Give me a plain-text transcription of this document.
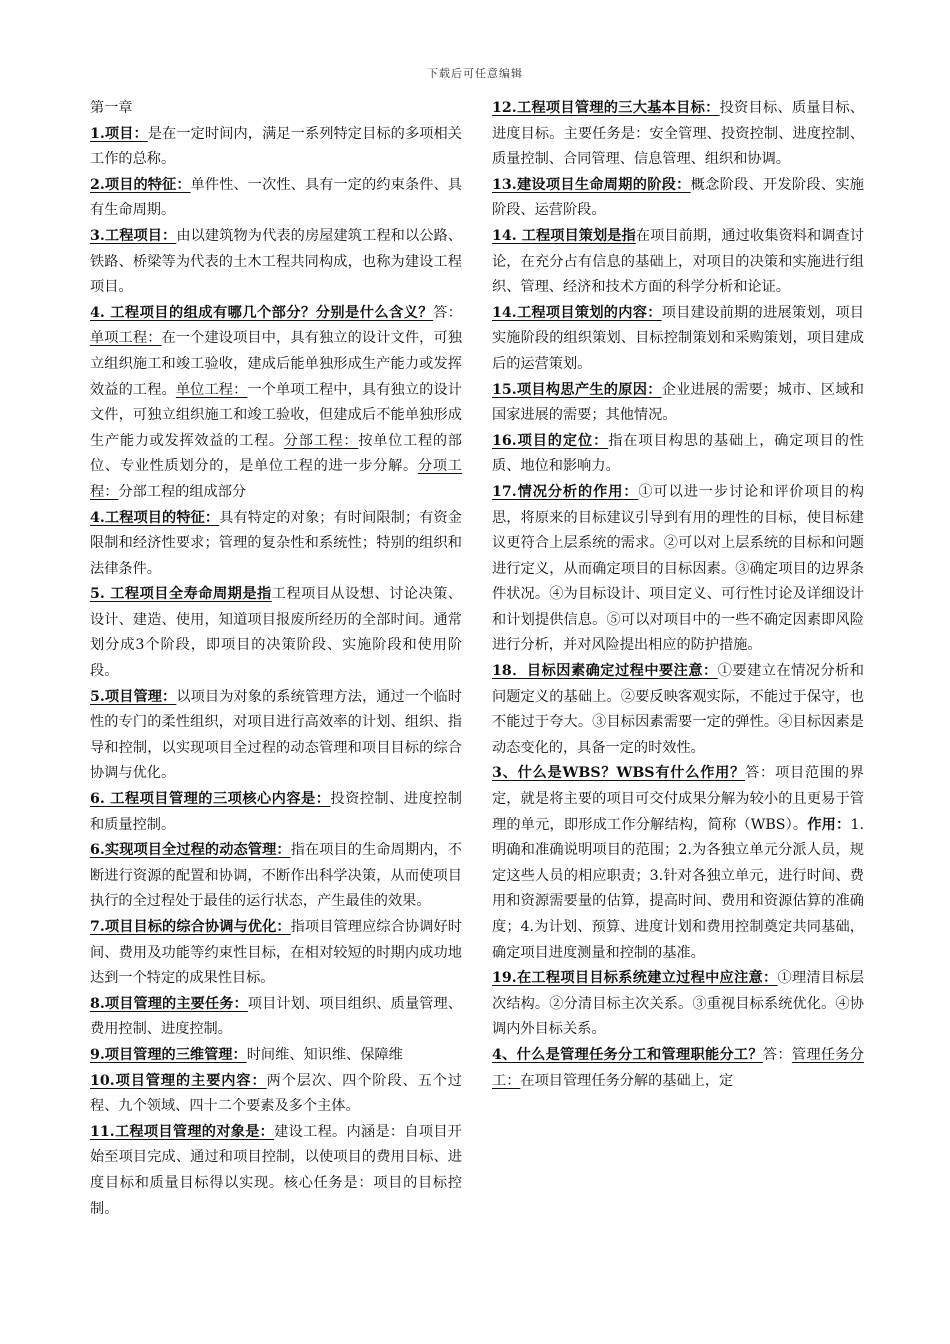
下载后可任意编辑

第一章

1.项目：是在一定时间内，满足一系列特定目标的多项相关工作的总称。

2.项目的特征：单件性、一次性、具有一定的约束条件、具有生命周期。

3.工程项目：由以建筑物为代表的房屋建筑工程和以公路、铁路、桥梁等为代表的土木工程共同构成，也称为建设工程项目。

4. 工程项目的组成有哪几个部分？分别是什么含义？答：单项工程：在一个建设项目中，具有独立的设计文件，可独立组织施工和竣工验收，建成后能单独形成生产能力或发挥效益的工程。单位工程：一个单项工程中，具有独立的设计文件，可独立组织施工和竣工验收，但建成后不能单独形成生产能力或发挥效益的工程。分部工程：按单位工程的部位、专业性质划分的，是单位工程的进一步分解。分项工程：分部工程的组成部分

4.工程项目的特征：具有特定的对象；有时间限制；有资金限制和经济性要求；管理的复杂性和系统性；特别的组织和法律条件。

5. 工程项目全寿命周期是指工程项目从设想、讨论决策、设计、建造、使用，知道项目报废所经历的全部时间。通常划分成3个阶段，即项目的决策阶段、实施阶段和使用阶段。

5.项目管理：以项目为对象的系统管理方法，通过一个临时性的专门的柔性组织，对项目进行高效率的计划、组织、指导和控制，以实现项目全过程的动态管理和项目目标的综合协调与优化。

6. 工程项目管理的三项核心内容是：投资控制、进度控制和质量控制。

6.实现项目全过程的动态管理：指在项目的生命周期内，不断进行资源的配置和协调，不断作出科学决策，从而使项目执行的全过程处于最佳的运行状态，产生最佳的效果。

7.项目目标的综合协调与优化：指项目管理应综合协调好时间、费用及功能等约束性目标，在相对较短的时期内成功地达到一个特定的成果性目标。

8.项目管理的主要任务：项目计划、项目组织、质量管理、费用控制、进度控制。

9.项目管理的三维管理：时间维、知识维、保障维

10.项目管理的主要内容：两个层次、四个阶段、五个过程、九个领域、四十二个要素及多个主体。

11.工程项目管理的对象是：建设工程。内涵是：自项目开始至项目完成、通过和项目控制，以使项目的费用目标、进度目标和质量目标得以实现。核心任务是：项目的目标控制。

12.工程项目管理的三大基本目标：投资目标、质量目标、进度目标。主要任务是：安全管理、投资控制、进度控制、质量控制、合同管理、信息管理、组织和协调。

13.建设项目生命周期的阶段：概念阶段、开发阶段、实施阶段、运营阶段。

14. 工程项目策划是指在项目前期，通过收集资料和调查讨论，在充分占有信息的基础上，对项目的决策和实施进行组织、管理、经济和技术方面的科学分析和论证。

14.工程项目策划的内容：项目建设前期的进展策划，项目实施阶段的组织策划、目标控制策划和采购策划，项目建成后的运营策划。

15.项目构思产生的原因：企业进展的需要；城市、区域和国家进展的需要；其他情况。

16.项目的定位：指在项目构思的基础上，确定项目的性质、地位和影响力。

17.情况分析的作用：①可以进一步讨论和评价项目的构思，将原来的目标建议引导到有用的理性的目标，使目标建议更符合上层系统的需求。②可以对上层系统的目标和问题进行定义，从而确定项目的目标因素。③确定项目的边界条件状况。④为目标设计、项目定义、可行性讨论及详细设计和计划提供信息。⑤可以对项目中的一些不确定因素即风险进行分析，并对风险提出相应的防护措施。

18．目标因素确定过程中要注意：①要建立在情况分析和问题定义的基础上。②要反映客观实际，不能过于保守，也不能过于夸大。③目标因素需要一定的弹性。④目标因素是动态变化的，具备一定的时效性。

3、什么是WBS？WBS有什么作用？答：项目范围的界定，就是将主要的项目可交付成果分解为较小的且更易于管理的单元，即形成工作分解结构，简称（WBS）。作用：1.明确和准确说明项目的范围；2.为各独立单元分派人员，规定这些人员的相应职责；3.针对各独立单元，进行时间、费用和资源需要量的估算，提高时间、费用和资源估算的准确度；4.为计划、预算、进度计划和费用控制奠定共同基础，确定项目进度测量和控制的基准。

19.在工程项目目标系统建立过程中应注意：①理清目标层次结构。②分清目标主次关系。③重视目标系统优化。④协调内外目标关系。

4、什么是管理任务分工和管理职能分工？答：管理任务分工：在项目管理任务分解的基础上，定
